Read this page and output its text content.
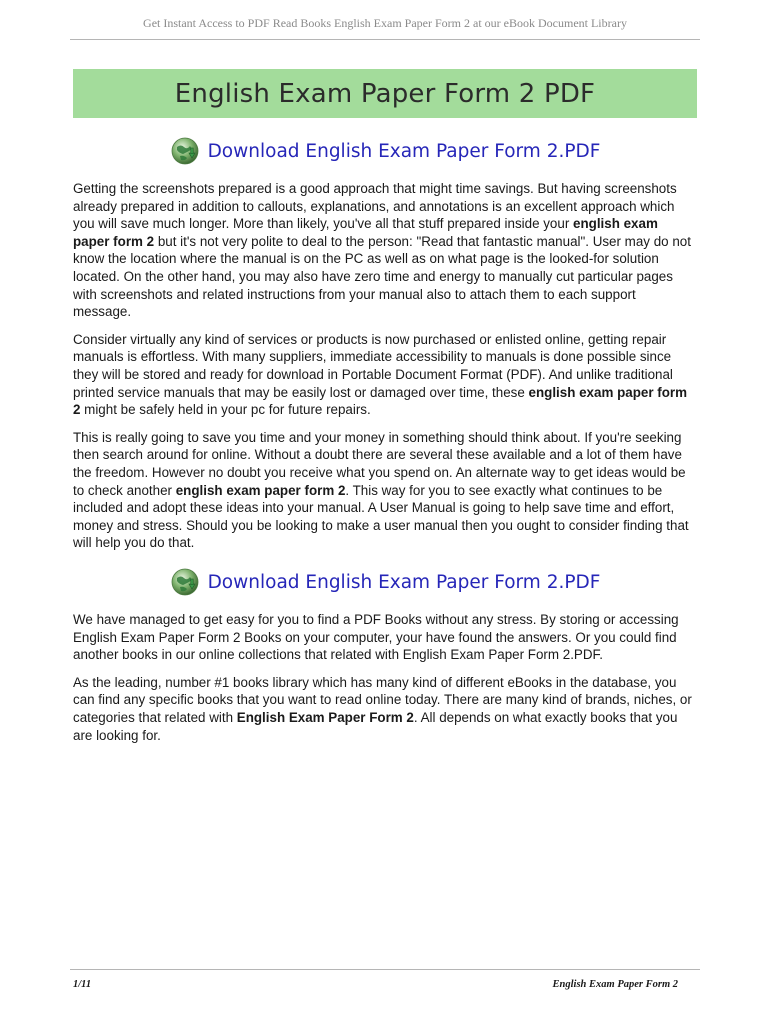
Get Instant Access to PDF Read Books English Exam Paper Form 2 at our eBook Document Library
English Exam Paper Form 2 PDF
Download English Exam Paper Form 2.PDF

Getting the screenshots prepared is a good approach that might time savings. But having screenshots already prepared in addition to callouts, explanations, and annotations is an excellent approach which you will save much longer. More than likely, you've all that stuff prepared inside your english exam paper form 2 but it's not very polite to deal to the person: "Read that fantastic manual". User may do not know the location where the manual is on the PC as well as on what page is the looked-for solution located. On the other hand, you may also have zero time and energy to manually cut particular pages with screenshots and related instructions from your manual also to attach them to each support message.

Consider virtually any kind of services or products is now purchased or enlisted online, getting repair manuals is effortless. With many suppliers, immediate accessibility to manuals is done possible since they will be stored and ready for download in Portable Document Format (PDF). And unlike traditional printed service manuals that may be easily lost or damaged over time, these english exam paper form 2 might be safely held in your pc for future repairs.

This is really going to save you time and your money in something should think about. If you're seeking then search around for online. Without a doubt there are several these available and a lot of them have the freedom. However no doubt you receive what you spend on. An alternate way to get ideas would be to check another english exam paper form 2. This way for you to see exactly what continues to be included and adopt these ideas into your manual. A User Manual is going to help save time and effort, money and stress. Should you be looking to make a user manual then you ought to consider finding that will help you do that.

Download English Exam Paper Form 2.PDF

We have managed to get easy for you to find a PDF Books without any stress. By storing or accessing English Exam Paper Form 2 Books on your computer, your have found the answers. Or you could find another books in our online collections that related with English Exam Paper Form 2.PDF.

As the leading, number #1 books library which has many kind of different eBooks in the database, you can find any specific books that you want to read online today. There are many kind of brands, niches, or categories that related with English Exam Paper Form 2. All depends on what exactly books that you are looking for.

1/11	English Exam Paper Form 2
